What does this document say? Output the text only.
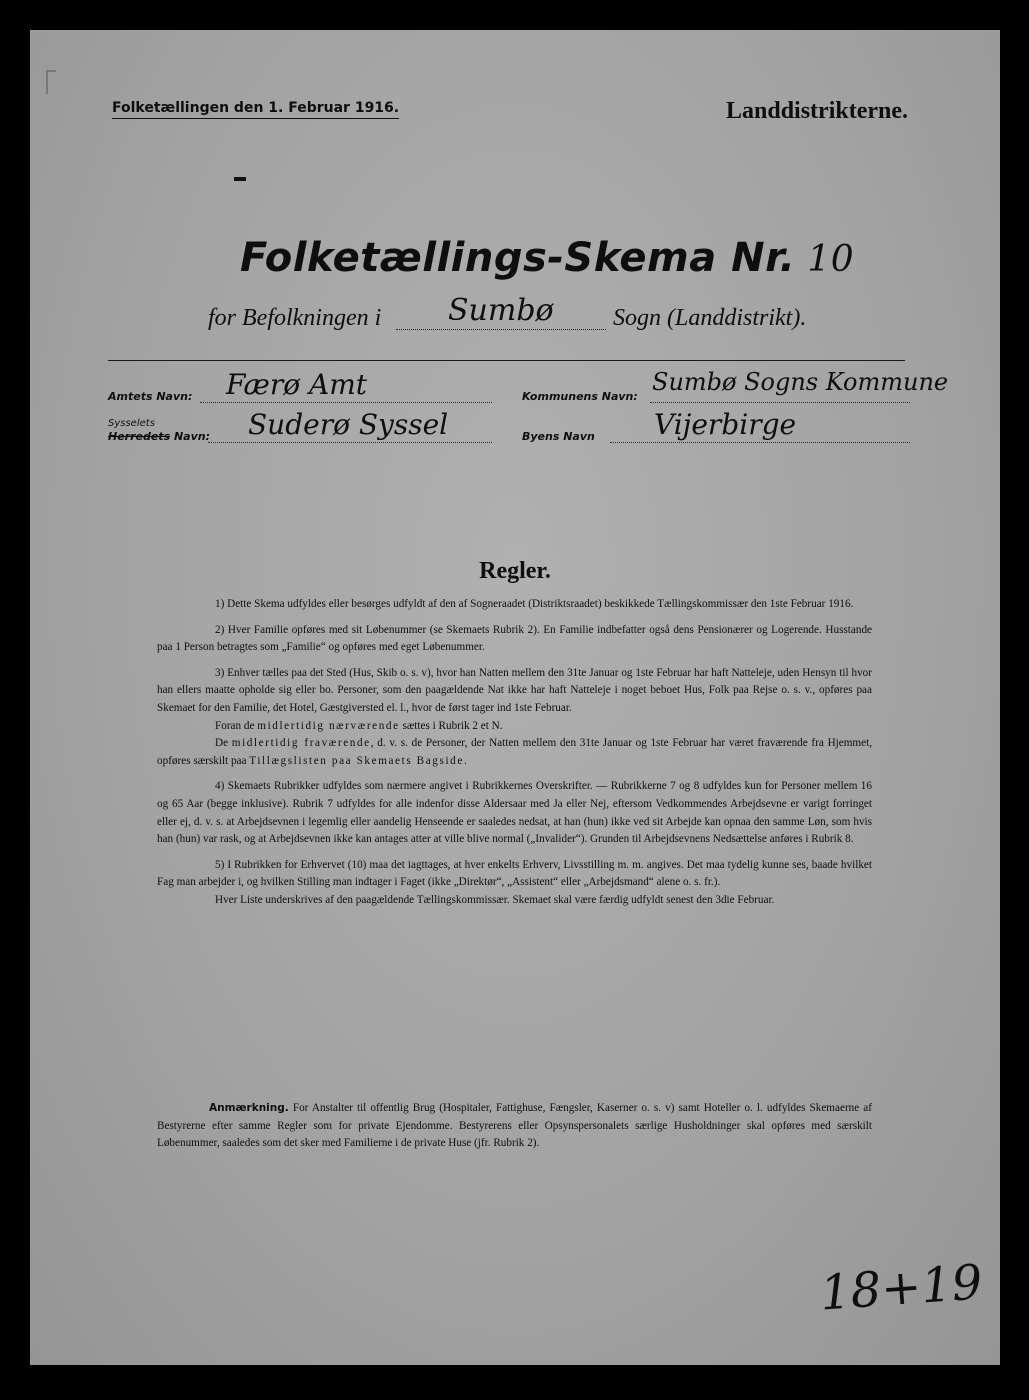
Folketællingen den 1. Februar 1916.	Landdistrikterne.
Folketællings-Skema Nr. 10
for Befolkningen i Sumbø Sogn (Landdistrikt).
Amtets Navn: Færø Amt	Kommunens Navn:
Sumbø Sogns Kommune
Sysselets
Herredets Navn: Suderø Syssel	Byens Navn Vijerbirge
Regler.

1) Dette Skema udfyldes eller besørges udfyldt af den af Sogneraadet (Distriktsraadet) beskikkede Tællingskommissær den 1ste Februar 1916.

2) Hver Familie opføres med sit Løbenummer (se Skemaets Rubrik 2). En Familie indbefatter også dens Pensionærer og Logerende. Husstande paa 1 Person betragtes som „Familie“ og opføres med eget Løbenummer.

3) Enhver tælles paa det Sted (Hus, Skib o. s. v), hvor han Natten mellem den 31te Januar og 1ste Februar har haft Natteleje, uden Hensyn til hvor han ellers maatte opholde sig eller bo. Personer, som den paagældende Nat ikke har haft Natteleje i noget beboet Hus, Folk paa Rejse o. s. v., opføres paa Skemaet for den Familie, det Hotel, Gæstgiversted el. l., hvor de først tager ind 1ste Februar.

Foran de midlertidig nærværende sættes i Rubrik 2 et N.

De midlertidig fraværende, d. v. s. de Personer, der Natten mellem den 31te Januar og 1ste Februar har været fraværende fra Hjemmet, opføres særskilt paa Tillægslisten paa Skemaets Bagside.

4) Skemaets Rubrikker udfyldes som nærmere angivet i Rubrikkernes Overskrifter. — Rubrikkerne 7 og 8 udfyldes kun for Personer mellem 16 og 65 Aar (begge inklusive). Rubrik 7 udfyldes for alle indenfor disse Aldersaar med Ja eller Nej, eftersom Vedkommendes Arbejdsevne er varigt forringet eller ej, d. v. s. at Arbejdsevnen i legemlig eller aandelig Henseende er saaledes nedsat, at han (hun) ikke ved sit Arbejde kan opnaa den samme Løn, som hvis han (hun) var rask, og at Arbejdsevnen ikke kan antages atter at ville blive normal („Invalider“). Grunden til Arbejdsevnens Nedsættelse anføres i Rubrik 8.

5) I Rubrikken for Erhvervet (10) maa det iagttages, at hver enkelts Erhverv, Livsstilling m. m. angives. Det maa tydelig kunne ses, baade hvilket Fag man arbejder i, og hvilken Stilling man indtager i Faget (ikke „Direktør“, „Assistent“ eller „Arbejdsmand“ alene o. s. fr.).

Hver Liste underskrives af den paagældende Tællingskommissær. Skemaet skal være færdig udfyldt senest den 3die Februar.

Anmærkning. For Anstalter til offentlig Brug (Hospitaler, Fattighuse, Fængsler, Kaserner o. s. v) samt Hoteller o. l. udfyldes Skemaerne af Bestyrerne efter samme Regler som for private Ejendomme. Bestyrerens eller Opsynspersonalets særlige Husholdninger skal opføres med særskilt Løbenummer, saaledes som det sker med Familierne i de private Huse (jfr. Rubrik 2).

18+19
